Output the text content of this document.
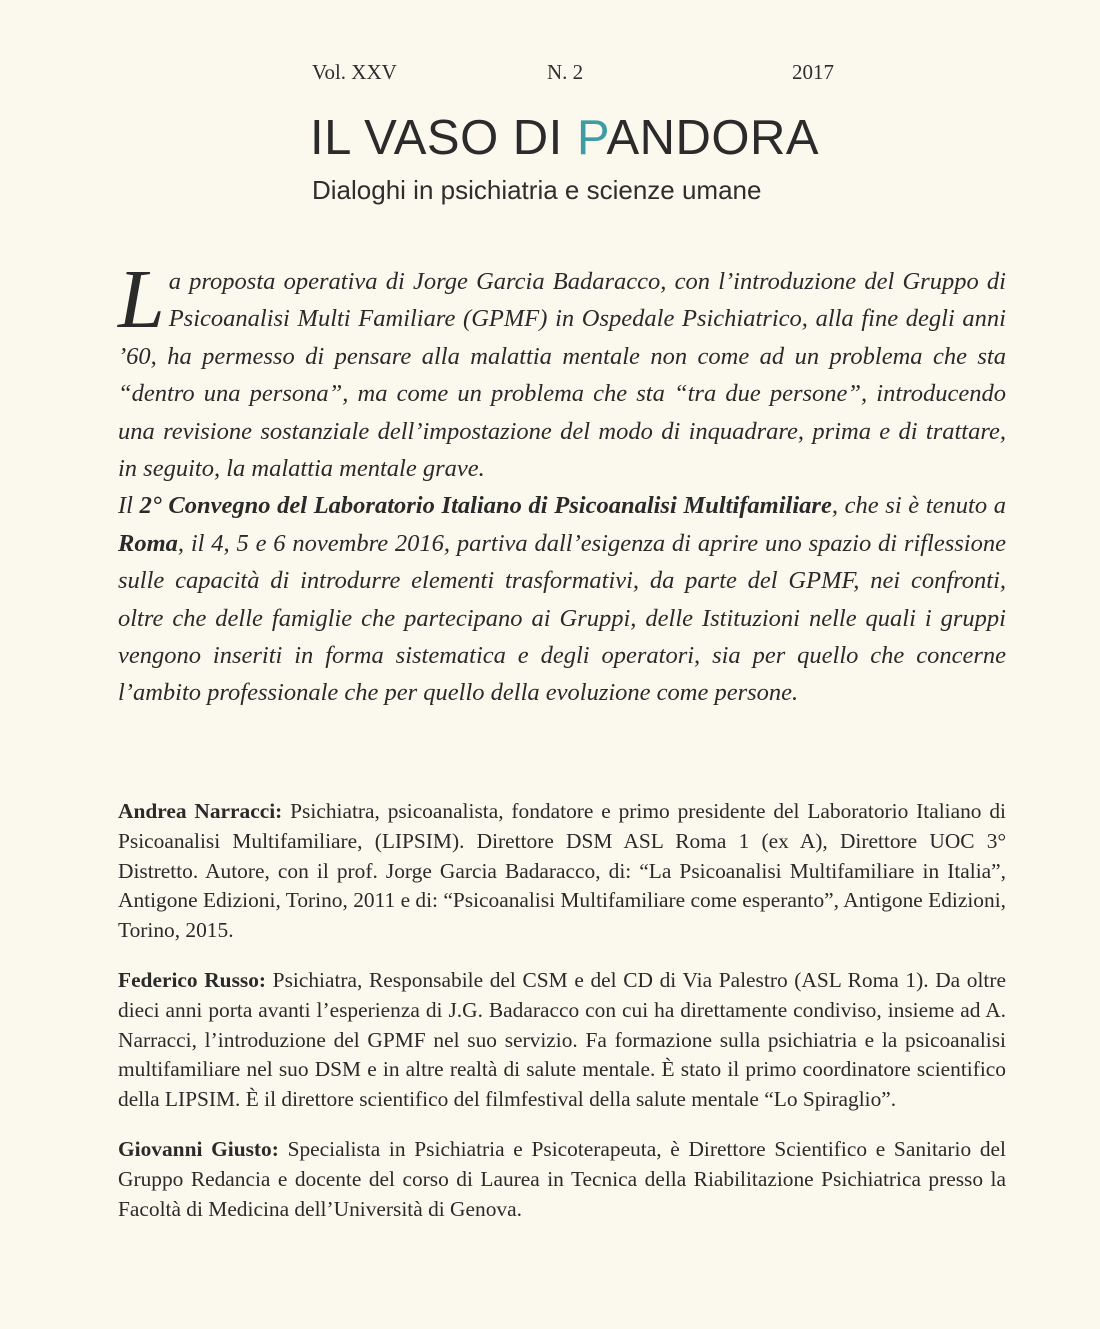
Vol. XXV	N. 2	2017
IL VASO DI PANDORA
Dialoghi in psichiatria e scienze umane

La proposta operativa di Jorge Garcia Badaracco, con l’introduzione del Gruppo di Psicoanalisi Multi Familiare (GPMF) in Ospedale Psichiatrico, alla fine degli anni ’60, ha permesso di pensare alla malattia mentale non come ad un problema che sta “dentro una persona”, ma come un problema che sta “tra due persone”, introducendo una revisione sostanziale dell’impostazione del modo di inquadrare, prima e di trattare, in seguito, la malattia mentale grave.

Il 2° Convegno del Laboratorio Italiano di Psicoanalisi Multifamiliare, che si è tenuto a Roma, il 4, 5 e 6 novembre 2016, partiva dall’esigenza di aprire uno spazio di riflessione sulle capacità di introdurre elementi trasformativi, da parte del GPMF, nei confronti, oltre che delle famiglie che partecipano ai Gruppi, delle Istituzioni nelle quali i gruppi vengono inseriti in forma sistematica e degli operatori, sia per quello che concerne l’ambito professionale che per quello della evoluzione come persone.

Andrea Narracci: Psichiatra, psicoanalista, fondatore e primo presidente del Laboratorio Italiano di Psicoanalisi Multifamiliare, (LIPSIM). Direttore DSM ASL Roma 1 (ex A), Direttore UOC 3° Distretto. Autore, con il prof. Jorge Garcia Badaracco, di: “La Psicoanalisi Multifamiliare in Italia”, Antigone Edizioni, Torino, 2011 e di: “Psicoanalisi Multifamiliare come esperanto”, Antigone Edizioni, Torino, 2015.

Federico Russo: Psichiatra, Responsabile del CSM e del CD di Via Palestro (ASL Roma 1). Da oltre dieci anni porta avanti l’esperienza di J.G. Badaracco con cui ha direttamente condiviso, insieme ad A. Narracci, l’introduzione del GPMF nel suo servizio. Fa formazione sulla psichiatria e la psicoanalisi multifamiliare nel suo DSM e in altre realtà di salute mentale. È stato il primo coordinatore scientifico della LIPSIM. È il direttore scientifico del filmfestival della salute mentale “Lo Spiraglio”.

Giovanni Giusto: Specialista in Psichiatria e Psicoterapeuta, è Direttore Scientifico e Sanitario del Gruppo Redancia e docente del corso di Laurea in Tecnica della Riabilitazione Psichiatrica presso la Facoltà di Medicina dell’Università di Genova.
